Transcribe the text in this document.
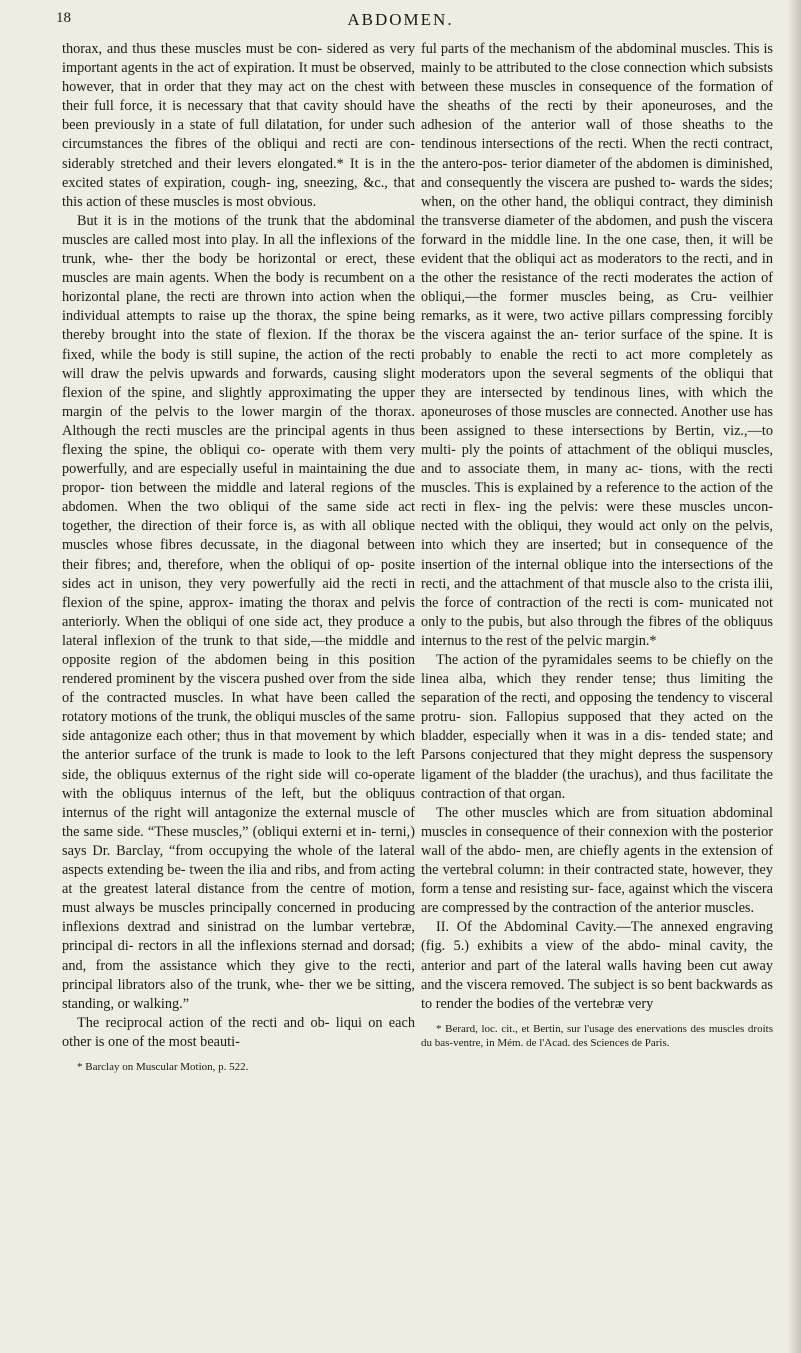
18	ABDOMEN.

thorax, and thus these muscles must be con- sidered as very important agents in the act of expiration. It must be observed, however, that in order that they may act on the chest with their full force, it is necessary that that cavity should have been previously in a state of full dilatation, for under such circumstances the fibres of the obliqui and recti are con- siderably stretched and their levers elongated.* It is in the excited states of expiration, cough- ing, sneezing, &c., that this action of these muscles is most obvious.

But it is in the motions of the trunk that the abdominal muscles are called most into play. In all the inflexions of the trunk, whe- ther the body be horizontal or erect, these muscles are main agents. When the body is recumbent on a horizontal plane, the recti are thrown into action when the individual attempts to raise up the thorax, the spine being thereby brought into the state of flexion. If the thorax be fixed, while the body is still supine, the action of the recti will draw the pelvis upwards and forwards, causing slight flexion of the spine, and slightly approximating the upper margin of the pelvis to the lower margin of the thorax. Although the recti muscles are the principal agents in thus flexing the spine, the obliqui co- operate with them very powerfully, and are especially useful in maintaining the due propor- tion between the middle and lateral regions of the abdomen. When the two obliqui of the same side act together, the direction of their force is, as with all oblique muscles whose fibres decussate, in the diagonal between their fibres; and, therefore, when the obliqui of op- posite sides act in unison, they very powerfully aid the recti in flexion of the spine, approx- imating the thorax and pelvis anteriorly. When the obliqui of one side act, they produce a lateral inflexion of the trunk to that side,—the middle and opposite region of the abdomen being in this position rendered prominent by the viscera pushed over from the side of the contracted muscles. In what have been called the rotatory motions of the trunk, the obliqui muscles of the same side antagonize each other; thus in that movement by which the anterior surface of the trunk is made to look to the left side, the obliquus externus of the right side will co-operate with the obliquus internus of the left, but the obliquus internus of the right will antagonize the external muscle of the same side. “These muscles,” (obliqui externi et in- terni,) says Dr. Barclay, “from occupying the whole of the lateral aspects extending be- tween the ilia and ribs, and from acting at the greatest lateral distance from the centre of motion, must always be muscles principally concerned in producing inflexions dextrad and sinistrad on the lumbar vertebræ, principal di- rectors in all the inflexions sternad and dorsad; and, from the assistance which they give to the recti, principal librators also of the trunk, whe- ther we be sitting, standing, or walking.”

The reciprocal action of the recti and ob- liqui on each other is one of the most beauti-

* Barclay on Muscular Motion, p. 522.

ful parts of the mechanism of the abdominal muscles. This is mainly to be attributed to the close connection which subsists between these muscles in consequence of the formation of the sheaths of the recti by their aponeuroses, and the adhesion of the anterior wall of those sheaths to the tendinous intersections of the recti. When the recti contract, the antero-pos- terior diameter of the abdomen is diminished, and consequently the viscera are pushed to- wards the sides; when, on the other hand, the obliqui contract, they diminish the transverse diameter of the abdomen, and push the viscera forward in the middle line. In the one case, then, it will be evident that the obliqui act as moderators to the recti, and in the other the resistance of the recti moderates the action of obliqui,—the former muscles being, as Cru- veilhier remarks, as it were, two active pillars compressing forcibly the viscera against the an- terior surface of the spine. It is probably to enable the recti to act more completely as moderators upon the several segments of the obliqui that they are intersected by tendinous lines, with which the aponeuroses of those muscles are connected. Another use has been assigned to these intersections by Bertin, viz.,—to multi- ply the points of attachment of the obliqui muscles, and to associate them, in many ac- tions, with the recti muscles. This is explained by a reference to the action of the recti in flex- ing the pelvis: were these muscles uncon- nected with the obliqui, they would act only on the pelvis, into which they are inserted; but in consequence of the insertion of the internal oblique into the intersections of the recti, and the attachment of that muscle also to the crista ilii, the force of contraction of the recti is com- municated not only to the pubis, but also through the fibres of the obliquus internus to the rest of the pelvic margin.*

The action of the pyramidales seems to be chiefly on the linea alba, which they render tense; thus limiting the separation of the recti, and opposing the tendency to visceral protru- sion. Fallopius supposed that they acted on the bladder, especially when it was in a dis- tended state; and Parsons conjectured that they might depress the suspensory ligament of the bladder (the urachus), and thus facilitate the contraction of that organ.

The other muscles which are from situation abdominal muscles in consequence of their connexion with the posterior wall of the abdo- men, are chiefly agents in the extension of the vertebral column: in their contracted state, however, they form a tense and resisting sur- face, against which the viscera are compressed by the contraction of the anterior muscles.

II. Of the Abdominal Cavity.—The annexed engraving (fig. 5.) exhibits a view of the abdo- minal cavity, the anterior and part of the lateral walls having been cut away and the viscera removed. The subject is so bent backwards as to render the bodies of the vertebræ very

* Berard, loc. cit., et Bertin, sur l'usage des enervations des muscles droits du bas-ventre, in Mém. de l'Acad. des Sciences de Paris.
